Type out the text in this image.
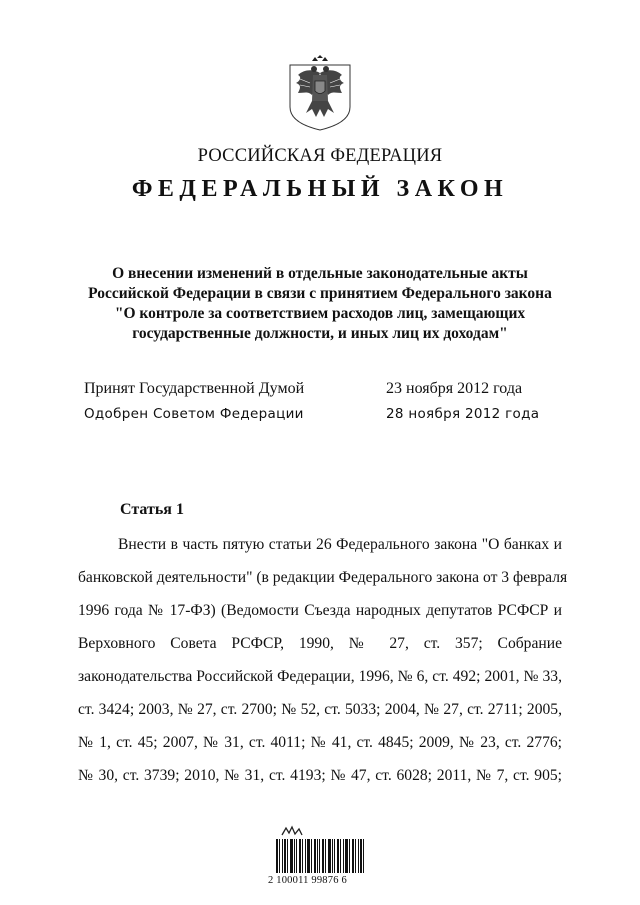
РОССИЙСКАЯ ФЕДЕРАЦИЯ
ФЕДЕРАЛЬНЫЙ ЗАКОН
О внесении изменений в отдельные законодательные акты
Российской Федерации в связи с принятием Федерального закона
"О контроле за соответствием расходов лиц, замещающих
государственные должности, и иных лиц их доходам"
Принят Государственной Думой	23 ноября 2012 года
Одобрен Советом Федерации	28 ноября 2012 года
Статья 1
Внести в часть пятую статьи 26 Федерального закона "О банках и
банковской деятельности" (в редакции Федерального закона от 3 февраля
1996 года № 17-ФЗ) (Ведомости Съезда народных депутатов РСФСР и
Верховного Совета РСФСР, 1990, № 27, ст. 357; Собрание
законодательства Российской Федерации, 1996, № 6, ст. 492; 2001, № 33,
ст. 3424; 2003, № 27, ст. 2700; № 52, ст. 5033; 2004, № 27, ст. 2711; 2005,
№ 1, ст. 45; 2007, № 31, ст. 4011; № 41, ст. 4845; 2009, № 23, ст. 2776;
№ 30, ст. 3739; 2010, № 31, ст. 4193; № 47, ст. 6028; 2011, № 7, ст. 905;
2 100011 99876 6
